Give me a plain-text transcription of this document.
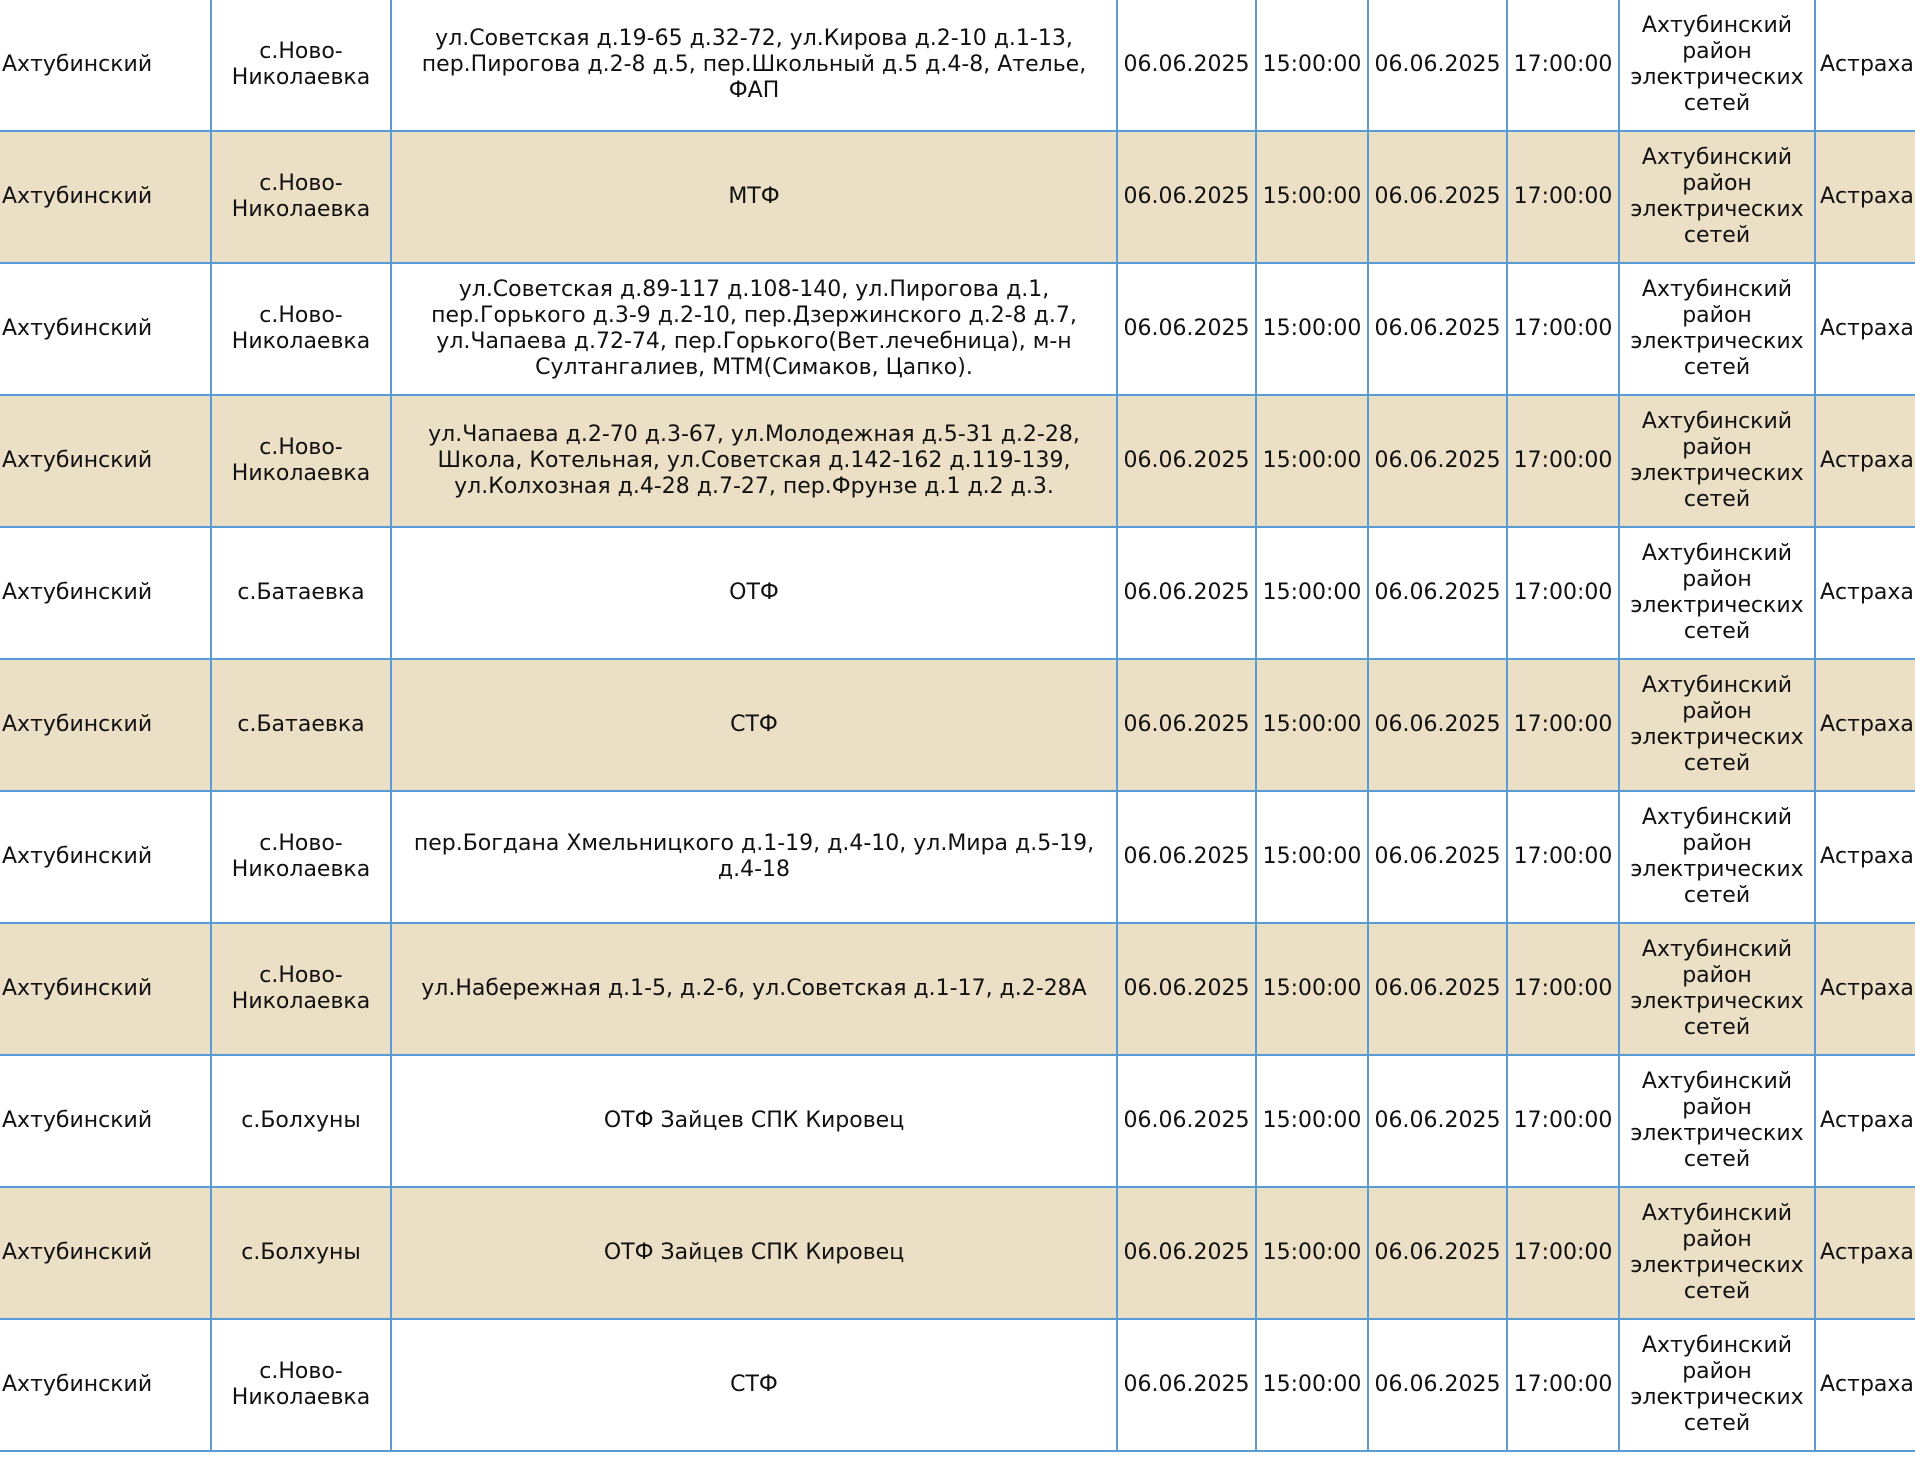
Ахтубинский	с.Ново-Николаевка	ул.Советская д.19-65 д.32-72, ул.Кирова д.2-10 д.1-13, пер.Пирогова д.2-8 д.5, пер.Школьный д.5 д.4-8, Ателье, ФАП	06.06.2025	15:00:00	06.06.2025	17:00:00	Ахтубинский район электрических сетей	Астраха
Ахтубинский	с.Ново-Николаевка	МТФ	06.06.2025	15:00:00	06.06.2025	17:00:00	Ахтубинский район электрических сетей	Астраха
Ахтубинский	с.Ново-Николаевка	ул.Советская д.89-117 д.108-140, ул.Пирогова д.1, пер.Горького д.3-9 д.2-10, пер.Дзержинского д.2-8 д.7, ул.Чапаева д.72-74, пер.Горького(Вет.лечебница), м-н Султангалиев, МТМ(Симаков, Цапко).	06.06.2025	15:00:00	06.06.2025	17:00:00	Ахтубинский район электрических сетей	Астраха
Ахтубинский	с.Ново-Николаевка	ул.Чапаева д.2-70 д.3-67, ул.Молодежная д.5-31 д.2-28, Школа, Котельная, ул.Советская д.142-162 д.119-139, ул.Колхозная д.4-28 д.7-27, пер.Фрунзе д.1 д.2 д.3.	06.06.2025	15:00:00	06.06.2025	17:00:00	Ахтубинский район электрических сетей	Астраха
Ахтубинский	с.Батаевка	ОТФ	06.06.2025	15:00:00	06.06.2025	17:00:00	Ахтубинский район электрических сетей	Астраха
Ахтубинский	с.Батаевка	СТФ	06.06.2025	15:00:00	06.06.2025	17:00:00	Ахтубинский район электрических сетей	Астраха
Ахтубинский	с.Ново-Николаевка	пер.Богдана Хмельницкого д.1-19, д.4-10, ул.Мира д.5-19, д.4-18	06.06.2025	15:00:00	06.06.2025	17:00:00	Ахтубинский район электрических сетей	Астраха
Ахтубинский	с.Ново-Николаевка	ул.Набережная д.1-5, д.2-6, ул.Советская д.1-17, д.2-28А	06.06.2025	15:00:00	06.06.2025	17:00:00	Ахтубинский район электрических сетей	Астраха
Ахтубинский	с.Болхуны	ОТФ Зайцев СПК Кировец	06.06.2025	15:00:00	06.06.2025	17:00:00	Ахтубинский район электрических сетей	Астраха
Ахтубинский	с.Болхуны	ОТФ Зайцев СПК Кировец	06.06.2025	15:00:00	06.06.2025	17:00:00	Ахтубинский район электрических сетей	Астраха
Ахтубинский	с.Ново-Николаевка	СТФ	06.06.2025	15:00:00	06.06.2025	17:00:00	Ахтубинский район электрических сетей	Астраха
